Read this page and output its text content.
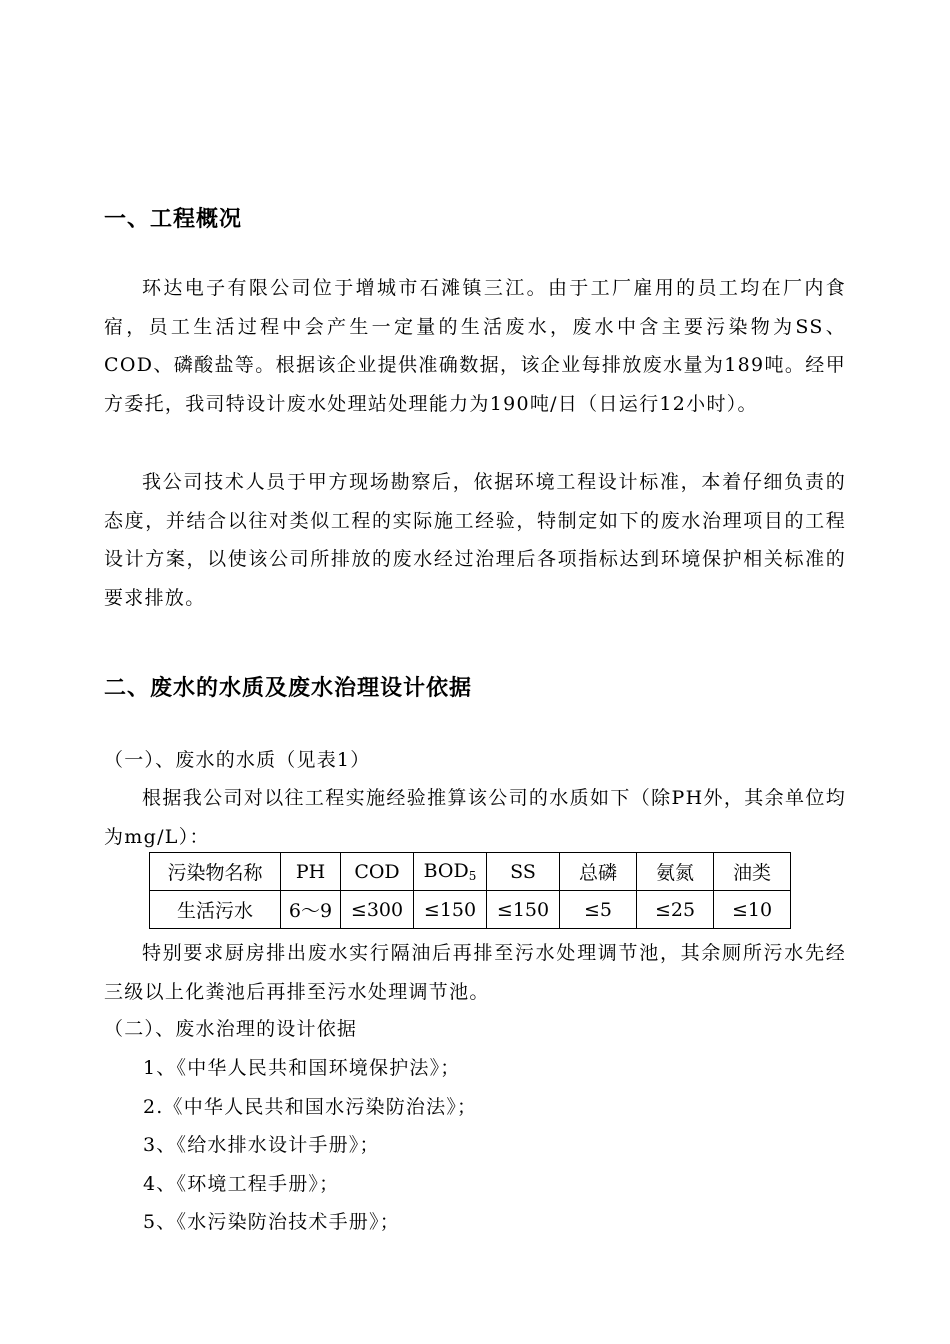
一、工程概况
环达电子有限公司位于增城市石滩镇三江。由于工厂雇用的员工均在厂内食宿，员工生活过程中会产生一定量的生活废水，废水中含主要污染物为SS、COD、磷酸盐等。根据该企业提供准确数据，该企业每排放废水量为189吨。经甲方委托，我司特设计废水处理站处理能力为190吨/日（日运行12小时）。
我公司技术人员于甲方现场勘察后，依据环境工程设计标准，本着仔细负责的态度，并结合以往对类似工程的实际施工经验，特制定如下的废水治理项目的工程设计方案，以使该公司所排放的废水经过治理后各项指标达到环境保护相关标准的要求排放。
二、废水的水质及废水治理设计依据
（一）、废水的水质（见表1）
根据我公司对以往工程实施经验推算该公司的水质如下（除PH外，其余单位均为mg/L）：
污染物名称	PH	COD	$BOD_5$	SS	总磷	氨氮	油类
生活污水	6～9	≤300	≤150	≤150	≤5	≤25	≤10
特别要求厨房排出废水实行隔油后再排至污水处理调节池，其余厕所污水先经三级以上化粪池后再排至污水处理调节池。
（二）、废水治理的设计依据
1、《中华人民共和国环境保护法》；
2.《中华人民共和国水污染防治法》；
3、《给水排水设计手册》；
4、《环境工程手册》；
5、《水污染防治技术手册》；
